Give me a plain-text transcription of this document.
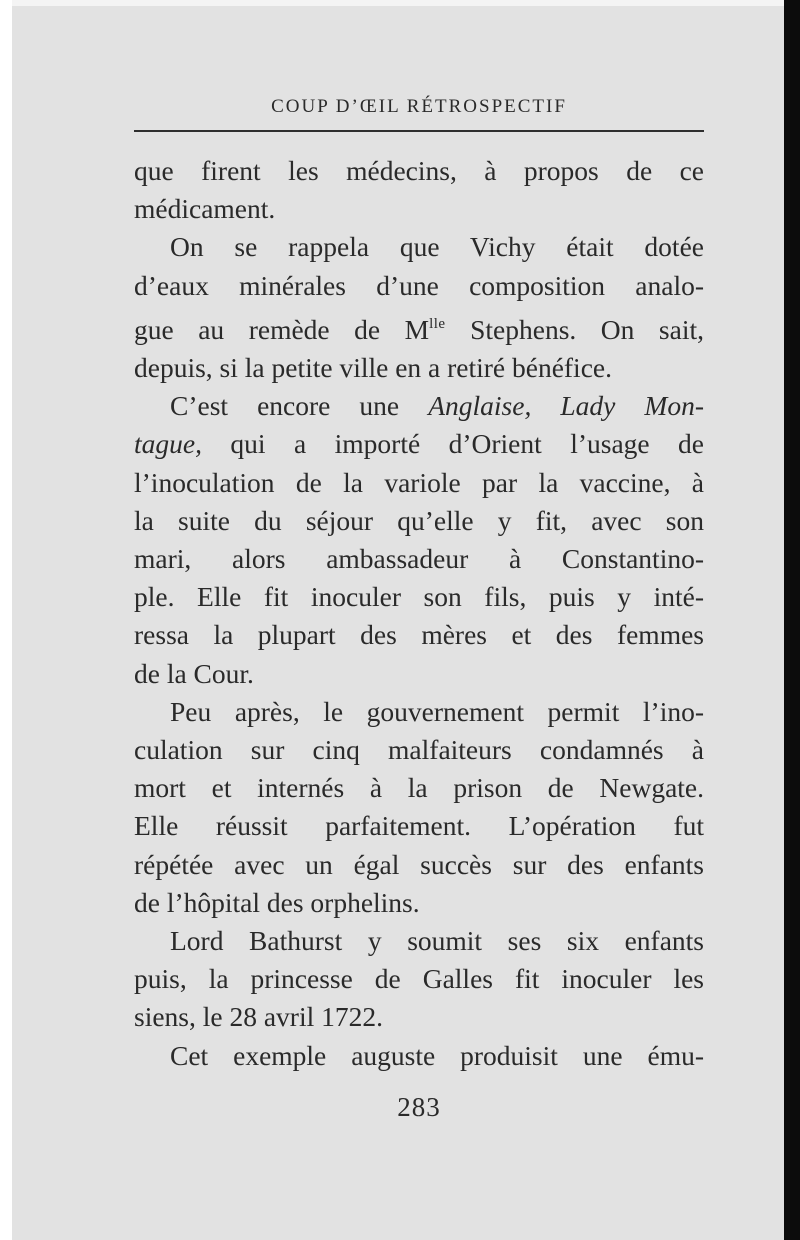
COUP D’ŒIL RÉTROSPECTIF
que firent les médecins, à propos de ce
médicament.
On se rappela que Vichy était dotée
d’eaux minérales d’une composition analo-
gue au remède de $M^{lle}$ Stephens. On sait,
depuis, si la petite ville en a retiré bénéfice.
C’est encore une Anglaise, Lady Mon-
tague, qui a importé d’Orient l’usage de
l’inoculation de la variole par la vaccine, à
la suite du séjour qu’elle y fit, avec son
mari, alors ambassadeur à Constantino-
ple. Elle fit inoculer son fils, puis y inté-
ressa la plupart des mères et des femmes
de la Cour.
Peu après, le gouvernement permit l’ino-
culation sur cinq malfaiteurs condamnés à
mort et internés à la prison de Newgate.
Elle réussit parfaitement. L’opération fut
répétée avec un égal succès sur des enfants
de l’hôpital des orphelins.
Lord Bathurst y soumit ses six enfants
puis, la princesse de Galles fit inoculer les
siens, le 28 avril 1722.
Cet exemple auguste produisit une ému-
283
